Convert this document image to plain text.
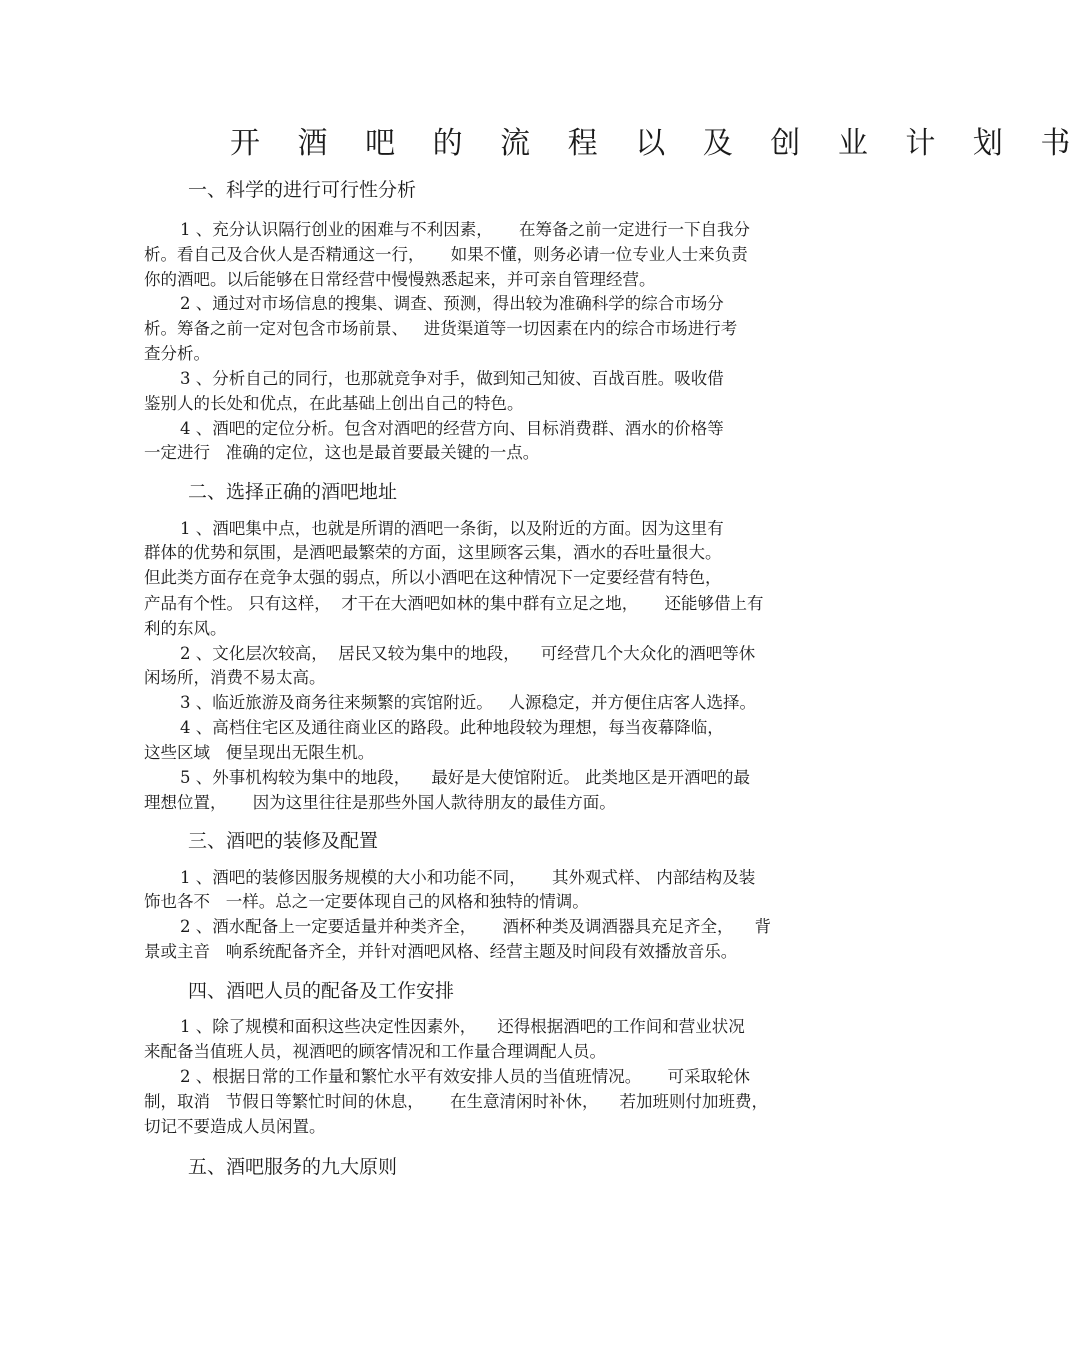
开 酒 吧 的 流 程 以 及 创 业 计 划 书
一、科学的进行可行性分析
1 、充分认识隔行创业的困难与不利因素，     在筹备之前一定进行一下自我分
析。看自己及合伙人是否精通这一行，     如果不懂，则务必请一位专业人士来负责
你的酒吧。以后能够在日常经营中慢慢熟悉起来，并可亲自管理经营。
2 、通过对市场信息的搜集、调查、预测，得出较为准确科学的综合市场分
析。筹备之前一定对包含市场前景、   进货渠道等一切因素在内的综合市场进行考
查分析。
3 、分析自己的同行，也那就竞争对手，做到知己知彼、百战百胜。吸收借
鉴别人的长处和优点，在此基础上创出自己的特色。
4 、酒吧的定位分析。包含对酒吧的经营方向、目标消费群、酒水的价格等
一定进行   准确的定位，这也是最首要最关键的一点。
二、选择正确的酒吧地址
1 、酒吧集中点，也就是所谓的酒吧一条街，以及附近的方面。因为这里有
群体的优势和氛围，是酒吧最繁荣的方面，这里顾客云集，酒水的吞吐量很大。
但此类方面存在竞争太强的弱点，所以小酒吧在这种情况下一定要经营有特色，
产品有个性。 只有这样，  才干在大酒吧如林的集中群有立足之地，     还能够借上有
利的东风。
2 、文化层次较高，  居民又较为集中的地段，    可经营几个大众化的酒吧等休
闲场所，消费不易太高。
3 、临近旅游及商务往来频繁的宾馆附近。   人源稳定，并方便住店客人选择。
4 、高档住宅区及通往商业区的路段。此种地段较为理想，每当夜幕降临，
这些区域   便呈现出无限生机。
5 、外事机构较为集中的地段，    最好是大使馆附近。 此类地区是开酒吧的最
理想位置，     因为这里往往是那些外国人款待朋友的最佳方面。
三、酒吧的装修及配置
1 、酒吧的装修因服务规模的大小和功能不同，     其外观式样、 内部结构及装
饰也各不   一样。总之一定要体现自己的风格和独特的情调。
2 、酒水配备上一定要适量并种类齐全，     酒杯种类及调酒器具充足齐全，    背
景或主音   响系统配备齐全，并针对酒吧风格、经营主题及时间段有效播放音乐。
四、酒吧人员的配备及工作安排
1 、除了规模和面积这些决定性因素外，    还得根据酒吧的工作间和营业状况
来配备当值班人员，视酒吧的顾客情况和工作量合理调配人员。
2 、根据日常的工作量和繁忙水平有效安排人员的当值班情况。     可采取轮休
制，取消   节假日等繁忙时间的休息，     在生意清闲时补休，    若加班则付加班费，
切记不要造成人员闲置。
五、酒吧服务的九大原则
